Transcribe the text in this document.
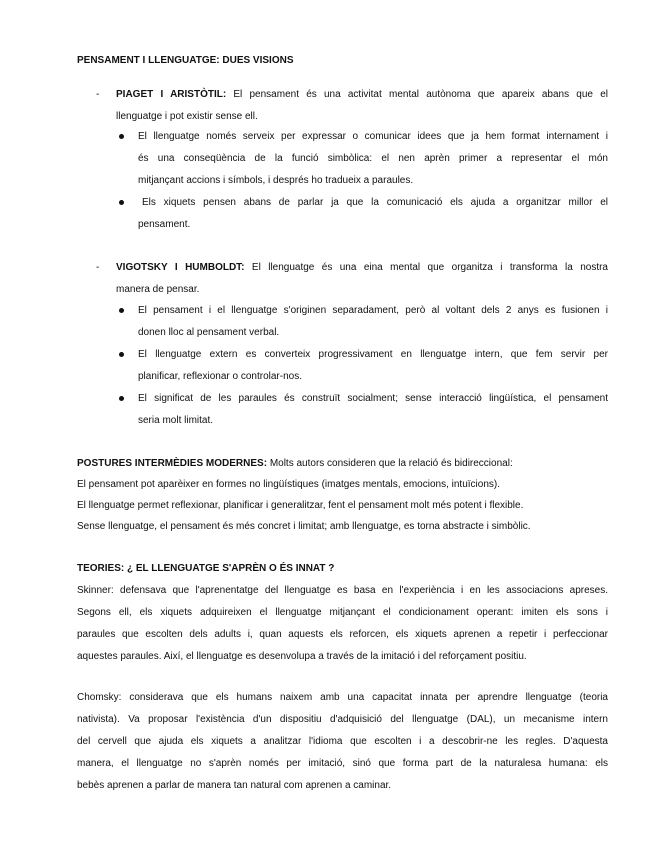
PENSAMENT I LLENGUATGE: DUES VISIONS
- PIAGET I ARISTÒTIL: El pensament és una activitat mental autònoma que apareix abans que el
llenguatge i pot existir sense ell.
El llenguatge només serveix per expressar o comunicar idees que ja hem format internament i
és una conseqüència de la funció simbòlica: el nen aprèn primer a representar el món
mitjançant accions i símbols, i després ho tradueix a paraules.
Els xiquets pensen abans de parlar ja que la comunicació els ajuda a organitzar millor el
pensament.
- VIGOTSKY I HUMBOLDT: El llenguatge és una eina mental que organitza i transforma la nostra
manera de pensar.
El pensament i el llenguatge s'originen separadament, però al voltant dels 2 anys es fusionen i
donen lloc al pensament verbal.
El llenguatge extern es converteix progressivament en llenguatge intern, que fem servir per
planificar, reflexionar o controlar-nos.
El significat de les paraules és construït socialment; sense interacció lingüística, el pensament
seria molt limitat.
POSTURES INTERMÈDIES MODERNES: Molts autors consideren que la relació és bidireccional:
El pensament pot aparèixer en formes no lingüístiques (imatges mentals, emocions, intuïcions).
El llenguatge permet reflexionar, planificar i generalitzar, fent el pensament molt més potent i flexible.
Sense llenguatge, el pensament és més concret i limitat; amb llenguatge, es torna abstracte i simbòlic.
TEORIES: ¿ EL LLENGUATGE S'APRÈN O ÉS INNAT ?
Skinner: defensava que l'aprenentatge del llenguatge es basa en l'experiència i en les associacions apreses.
Segons ell, els xiquets adquireixen el llenguatge mitjançant el condicionament operant: imiten els sons i
paraules que escolten dels adults i, quan aquests els reforcen, els xiquets aprenen a repetir i perfeccionar
aquestes paraules. Així, el llenguatge es desenvolupa a través de la imitació i del reforçament positiu.
Chomsky: considerava que els humans naixem amb una capacitat innata per aprendre llenguatge (teoria
nativista). Va proposar l'existència d'un dispositiu d'adquisició del llenguatge (DAL), un mecanisme intern
del cervell que ajuda els xiquets a analitzar l'idioma que escolten i a descobrir-ne les regles. D'aquesta
manera, el llenguatge no s'aprèn només per imitació, sinó que forma part de la naturalesa humana: els
bebès aprenen a parlar de manera tan natural com aprenen a caminar.
